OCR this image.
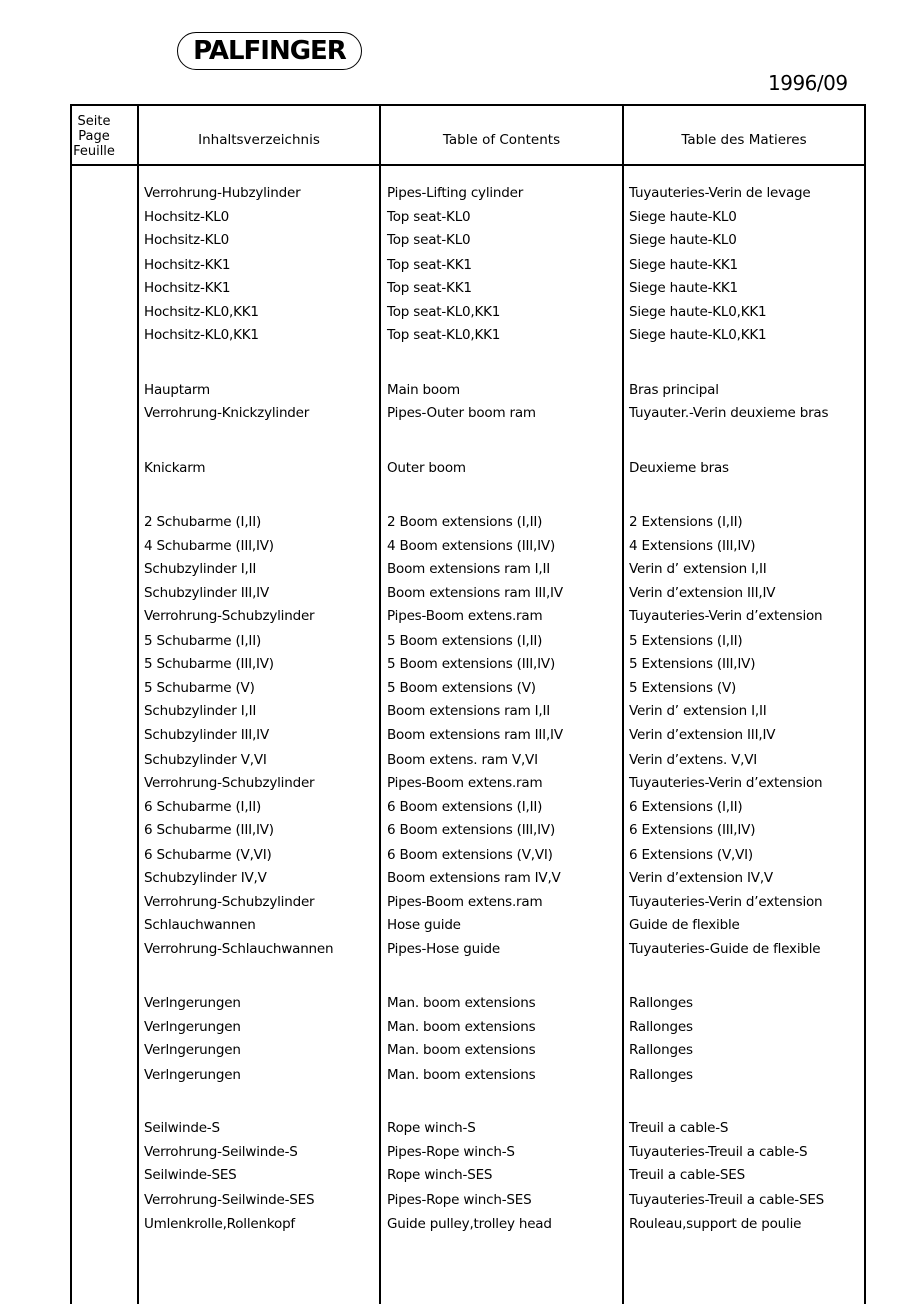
PALFINGER
1996/09
Seite
Page
Feuille
Inhaltsverzeichnis	Table of Contents	Table des Matieres
Verrohrung-Hubzylinder	Pipes-Lifting cylinder	Tuyauteries-Verin de levage
Hochsitz-KL0	Top seat-KL0	Siege haute-KL0
Hochsitz-KL0	Top seat-KL0	Siege haute-KL0
Hochsitz-KK1	Top seat-KK1	Siege haute-KK1
Hochsitz-KK1	Top seat-KK1	Siege haute-KK1
Hochsitz-KL0,KK1	Top seat-KL0,KK1	Siege haute-KL0,KK1
Hochsitz-KL0,KK1	Top seat-KL0,KK1	Siege haute-KL0,KK1
Hauptarm	Main boom	Bras principal
Verrohrung-Knickzylinder	Pipes-Outer boom ram	Tuyauter.-Verin deuxieme bras
Knickarm	Outer boom	Deuxieme bras
2 Schubarme (I,II)	2 Boom extensions (I,II)	2 Extensions (I,II)
4 Schubarme (III,IV)	4 Boom extensions (III,IV)	4 Extensions (III,IV)
Schubzylinder I,II	Boom extensions ram I,II	Verin d’ extension I,II
Schubzylinder III,IV	Boom extensions ram III,IV	Verin d’extension III,IV
Verrohrung-Schubzylinder	Pipes-Boom extens.ram	Tuyauteries-Verin d’extension
5 Schubarme (I,II)	5 Boom extensions (I,II)	5 Extensions (I,II)
5 Schubarme (III,IV)	5 Boom extensions (III,IV)	5 Extensions (III,IV)
5 Schubarme (V)	5 Boom extensions (V)	5 Extensions (V)
Schubzylinder I,II	Boom extensions ram I,II	Verin d’ extension I,II
Schubzylinder III,IV	Boom extensions ram III,IV	Verin d’extension III,IV
Schubzylinder V,VI	Boom extens. ram V,VI	Verin d’extens. V,VI
Verrohrung-Schubzylinder	Pipes-Boom extens.ram	Tuyauteries-Verin d’extension
6 Schubarme (I,II)	6 Boom extensions (I,II)	6 Extensions (I,II)
6 Schubarme (III,IV)	6 Boom extensions (III,IV)	6 Extensions (III,IV)
6 Schubarme (V,VI)	6 Boom extensions (V,VI)	6 Extensions (V,VI)
Schubzylinder IV,V	Boom extensions ram IV,V	Verin d’extension IV,V
Verrohrung-Schubzylinder	Pipes-Boom extens.ram	Tuyauteries-Verin d’extension
Schlauchwannen	Hose guide	Guide de flexible
Verrohrung-Schlauchwannen	Pipes-Hose guide	Tuyauteries-Guide de flexible
Verlngerungen	Man. boom extensions	Rallonges
Verlngerungen	Man. boom extensions	Rallonges
Verlngerungen	Man. boom extensions	Rallonges
Verlngerungen	Man. boom extensions	Rallonges
Seilwinde-S	Rope winch-S	Treuil a cable-S
Verrohrung-Seilwinde-S	Pipes-Rope winch-S	Tuyauteries-Treuil a cable-S
Seilwinde-SES	Rope winch-SES	Treuil a cable-SES
Verrohrung-Seilwinde-SES	Pipes-Rope winch-SES	Tuyauteries-Treuil a cable-SES
Umlenkrolle,Rollenkopf	Guide pulley,trolley head	Rouleau,support de poulie
